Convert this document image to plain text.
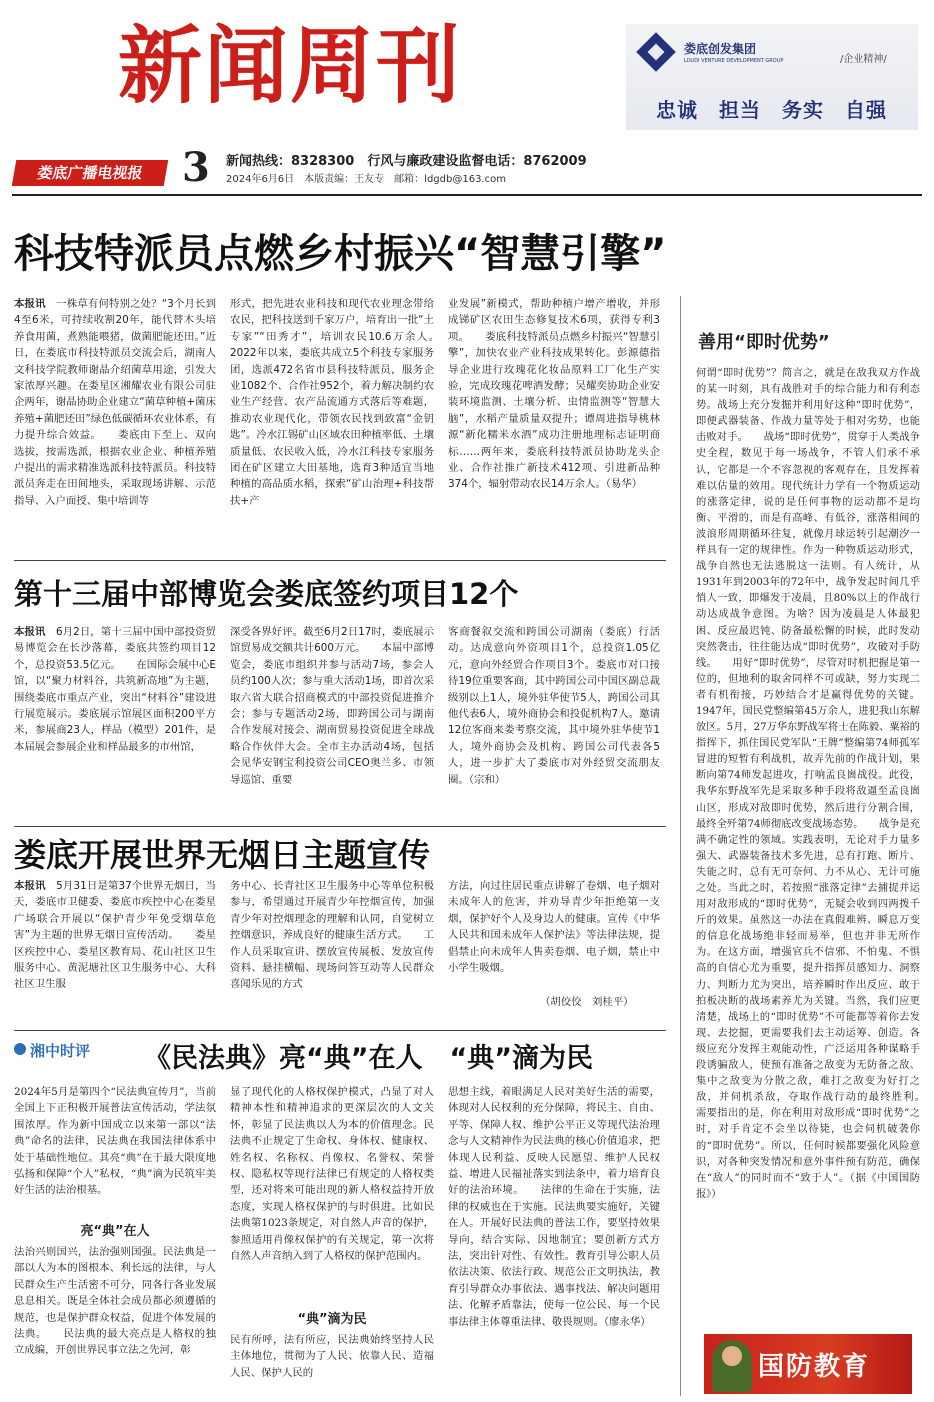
新闻周刊
娄底广播电视报 3 新闻热线：8328300　行风与廉政建设监督电话：8762009
2024年6月6日　本版责编：王友专　邮箱：ldgdb@163.com
娄底创发集团
LOUDI VENTURE DEVELOPMENT GROUP	/企业精神/
忠诚　担当　务实　自强
科技特派员点燃乡村振兴“智慧引擎”
本报讯　 一株草有何特别之处？“3个月长到4至6米，可持续收割20年，能代替木头培养食用菌，煮熟能喂猪，做菌肥能还田。”近日，在娄底市科技特派员交流会后，湖南人文科技学院教师谢晶介绍菌草用途，引发大家浓厚兴趣。在娄星区湘耀农业有限公司驻企两年，谢晶协助企业建立“菌草种植+菌床养殖+菌肥还田”绿色低碳循环农业体系，有力提升综合效益。　　娄底由下至上、双向选拔，按需选派，根据农业企业、种植养殖户提出的需求精准选派科技特派员。科技特派员奔走在田间地头，采取现场讲解、示范指导、入户面授、集中培训等
形式，把先进农业科技和现代农业理念带给农民，把科技送到千家万户，培育出一批“土专家”“田秀才”，培训农民10.6万余人。　　2022年以来，娄底共成立5个科技专家服务团，选派472名省市县科技特派员，服务企业1082个、合作社952个，着力解决制约农业生产经营、农产品流通方式落后等难题，推动农业现代化，带领农民找到致富“金钥匙”。冷水江锡矿山区域农田种植率低、土壤质量低、农民收入低，冷水江科技专家服务团在矿区建立大田基地，选育3种适宜当地种植的高品质水稻，探索“矿山治理+科技帮扶+产
业发展”新模式，帮助种植户增产增收，并形成锑矿区农田生态修复技术6项，获得专利3项。　　娄底科技特派员点燃乡村振兴“智慧引擎”，加快农业产业科技成果转化。彭源德指导企业进行玫瑰花化妆品原料工厂化生产实验，完成玫瑰花啤酒发酵；吴耀奕协助企业安装环境监测、土壤分析、虫情监测等“智慧大脑”，水稻产量质量双提升；谭周进指导桃林源“新化糯米水酒”成功注册地理标志证明商标……两年来，娄底科技特派员协助龙头企业、合作社推广新技术412项、引进新品种374个，辐射带动农民14万余人。（易华）
第十三届中部博览会娄底签约项目12个
本报讯　 6月2日，第十三届中国中部投资贸易博览会在长沙落幕，娄底共签约项目12个，总投资53.5亿元。　　在国际会展中心E馆，以“聚力材料谷，共筑新高地”为主题，围绕娄底市重点产业，突出“材料谷”建设进行展览展示。娄底展示馆展区面积200平方米，参展商23人，样品（模型）201件，是本届展会参展企业和样品最多的市州馆，
深受各界好评。截至6月2日17时，娄底展示馆贸易成交额共计600万元。　　本届中部博览会，娄底市组织并参与活动7场，参会人员约100人次；参与重大活动1场，即首次采取六省大联合招商模式的中部投资促进推介会；参与专题活动2场，即跨国公司与湖南合作发展对接会、湖南贸易投资促进全球战略合作伙伴大会。全市主办活动4场，包括会见华安钢宝利投资公司CEO奥兰多、市领导巡馆、重要
客商餐叙交流和跨国公司湖南（娄底）行活动。达成意向外资项目1个，总投资1.05亿元，意向外经贸合作项目3个。娄底市对口接待19位重要客商，其中跨国公司中国区副总裁级别以上1人，境外驻华使节5人，跨国公司其他代表6人，境外商协会和投促机构7人。邀请12位客商来娄考察交流，其中境外驻华使节1人，境外商协会及机构、跨国公司代表各5人，进一步扩大了娄底市对外经贸交流朋友圈。（宗和）
娄底开展世界无烟日主题宣传
本报讯　 5月31日是第37个世界无烟日，当天，娄底市卫健委、娄底市疾控中心在娄星广场联合开展以“保护青少年免受烟草危害”为主题的世界无烟日宣传活动。　　娄星区疾控中心、娄星区教育局、花山社区卫生服务中心、黄泥塘社区卫生服务中心、大科社区卫生服
务中心、长青社区卫生服务中心等单位积极参与，希望通过开展青少年控烟宣传，加强青少年对控烟理念的理解和认同，自觉树立控烟意识，养成良好的健康生活方式。　　工作人员采取宣讲、摆放宣传展板、发放宣传资料、悬挂横幅、现场问答互动等人民群众喜闻乐见的方式
方法，向过往居民重点讲解了卷烟、电子烟对未成年人的危害，并劝导青少年拒绝第一支烟，保护好个人及身边人的健康。宣传《中华人民共和国未成年人保护法》等法律法规，提倡禁止向未成年人售卖卷烟、电子烟，禁止中小学生吸烟。
（胡佼佼　刘桂平）
湘中时评 《民法典》亮“典”在人　“典”滴为民
2024年5月是第四个“民法典宣传月”，当前全国上下正积极开展普法宣传活动，学法氛围浓厚。作为新中国成立以来第一部以“法典”命名的法律，民法典在我国法律体系中处于基础性地位。其亮“典”在于最大限度地弘扬和保障“个人”私权，“典”滴为民筑牢美好生活的法治根基。
亮“典”在人
法治兴则国兴，法治强则国强。民法典是一部以人为本的图根本、利长远的法律，与人民群众生产生活密不可分，同各行各业发展息息相关。既是全体社会成员都必须遵循的规范，也是保护群众权益，促进个体发展的法典。　　民法典的最大亮点是人格权的独立成编，开创世界民事立法之先河，彰
显了现代化的人格权保护模式，凸显了对人精神本性和精神追求的更深层次的人文关怀，彰显了民法典以人为本的价值理念。民法典不止规定了生命权、身体权、健康权、姓名权、名称权、肖像权、名誉权、荣誉权、隐私权等现行法律已有规定的人格权类型，还对将来可能出现的新人格权益持开放态度，实现人格权保护的与时俱进。比如民法典第1023条规定，对自然人声音的保护，参照适用肖像权保护的有关规定，第一次将自然人声音纳入到了人格权的保护范围内。
“典”滴为民
民有所呼，法有所应，民法典始终坚持人民主体地位，贯彻为了人民、依靠人民、造福人民、保护人民的
思想主线，着眼满足人民对美好生活的需要，体现对人民权利的充分保障，将民主、自由、平等、保障人权、维护公平正义等现代法治理念与人文精神作为民法典的核心价值追求，把体现人民利益、反映人民愿望、维护人民权益、增进人民福祉落实到法条中，着力培育良好的法治环境。　　法律的生命在于实施，法律的权威也在于实施。民法典要实施好，关键在人。开展好民法典的普法工作，要坚持效果导向，结合实际、因地制宜；要创新方式方法，突出针对性、有效性。教育引导公职人员依法决策、依法行政、规范公正文明执法，教育引导群众办事依法、遇事找法、解决问题用法、化解矛盾靠法，使每一位公民、每一个民事法律主体尊重法律、敬畏规则。（廖永华）
善用“即时优势”
何谓“即时优势”？简言之，就是在敌我双方作战的某一时刻，具有战胜对手的综合能力和有利态势。战场上充分发掘并利用好这种“即时优势”，即便武器装备、作战力量等处于相对劣势，也能击败对手。　　战场“即时优势”，贯穿于人类战争史全程，数见于每一场战争，不管人们承不承认，它都是一个不容忽视的客观存在，且发挥着难以估量的效用。现代统计力学有一个物质运动的涨落定律，说的是任何事物的运动都不是均衡、平滑的，而是有高峰、有低谷，涨落相间的波浪形周期循环往复，就像月球运转引起潮汐一样具有一定的规律性。作为一种物质运动形式，战争自然也无法逃脱这一法则。有人统计，从1931年到2003年的72年中，战争发起时间几乎悄人一致，即爆发于凌晨，且80%以上的作战行动达成战争意图。为啥？因为凌晨是人体最犯困、反应最迟钝、防备最松懈的时候，此时发动突然袭击，往往能达成“即时优势”，攻破对手防线。　　用好“即时优势”，尽管对时机把握是第一位的，但地利的取舍同样不可或缺，努力实现二者有机衔接，巧妙结合才是赢得优势的关键。1947年，国民党整编第45万余人，进犯我山东解放区。5月，27万华东野战军将士在陈毅、粟裕的指挥下，抓住国民党军队“王牌”整编第74师孤军冒进的短暂有利战机，故弄先前的作战计划，果断向第74师发起进攻，打响孟良崮战役。此役，我华东野战军先是采取多种手段将敌逼至孟良崮山区，形成对敌即时优势，然后进行分割合围，最终全歼第74师彻底改变战场态势。　　战争是充满不确定性的领域。实践表明，无论对手力量多强大、武器装备技术多先进，总有打跑、断片、失能之时，总有无可奈何、力不从心、无计可施之处。当此之时，若按照“涨落定律”去捕捉并运用对敌形成的“即时优势”，无疑会收到四两拨千斤的效果。虽然这一办法在真假难辨、瞬息万变的信息化战场绝非轻而易举，但也并非无所作为。在这方面，增强官兵不信邪、不怕鬼、不惧高的自信心尤为重要，提升指挥员感知力、洞察力、判断力尤为突出，培养瞬时作出反应、敢于拍板决断的战场素养尤为关键。当然，我们应更清楚，战场上的“即时优势”不可能都等着你去发现、去挖掘，更需要我们去主动运筹、创造。各级应充分发挥主观能动性，广泛运用各种谋略手段诱骗敌人，使预有准备之敌变为无防备之敌、集中之敌变为分散之敌，难打之敌变为好打之敌，并伺机杀敌，夺取作战行动的最终胜利。　　需要指出的是，你在利用对敌形成“即时优势”之时，对手肯定不会坐以待毙，也会伺机破袭你的“即时优势”。所以，任何时候都要强化风险意识，对各种突发情况和意外事件预有防范，确保在“敌人”的同时而不“致于人”。（据《中国国防报》）
国防教育
